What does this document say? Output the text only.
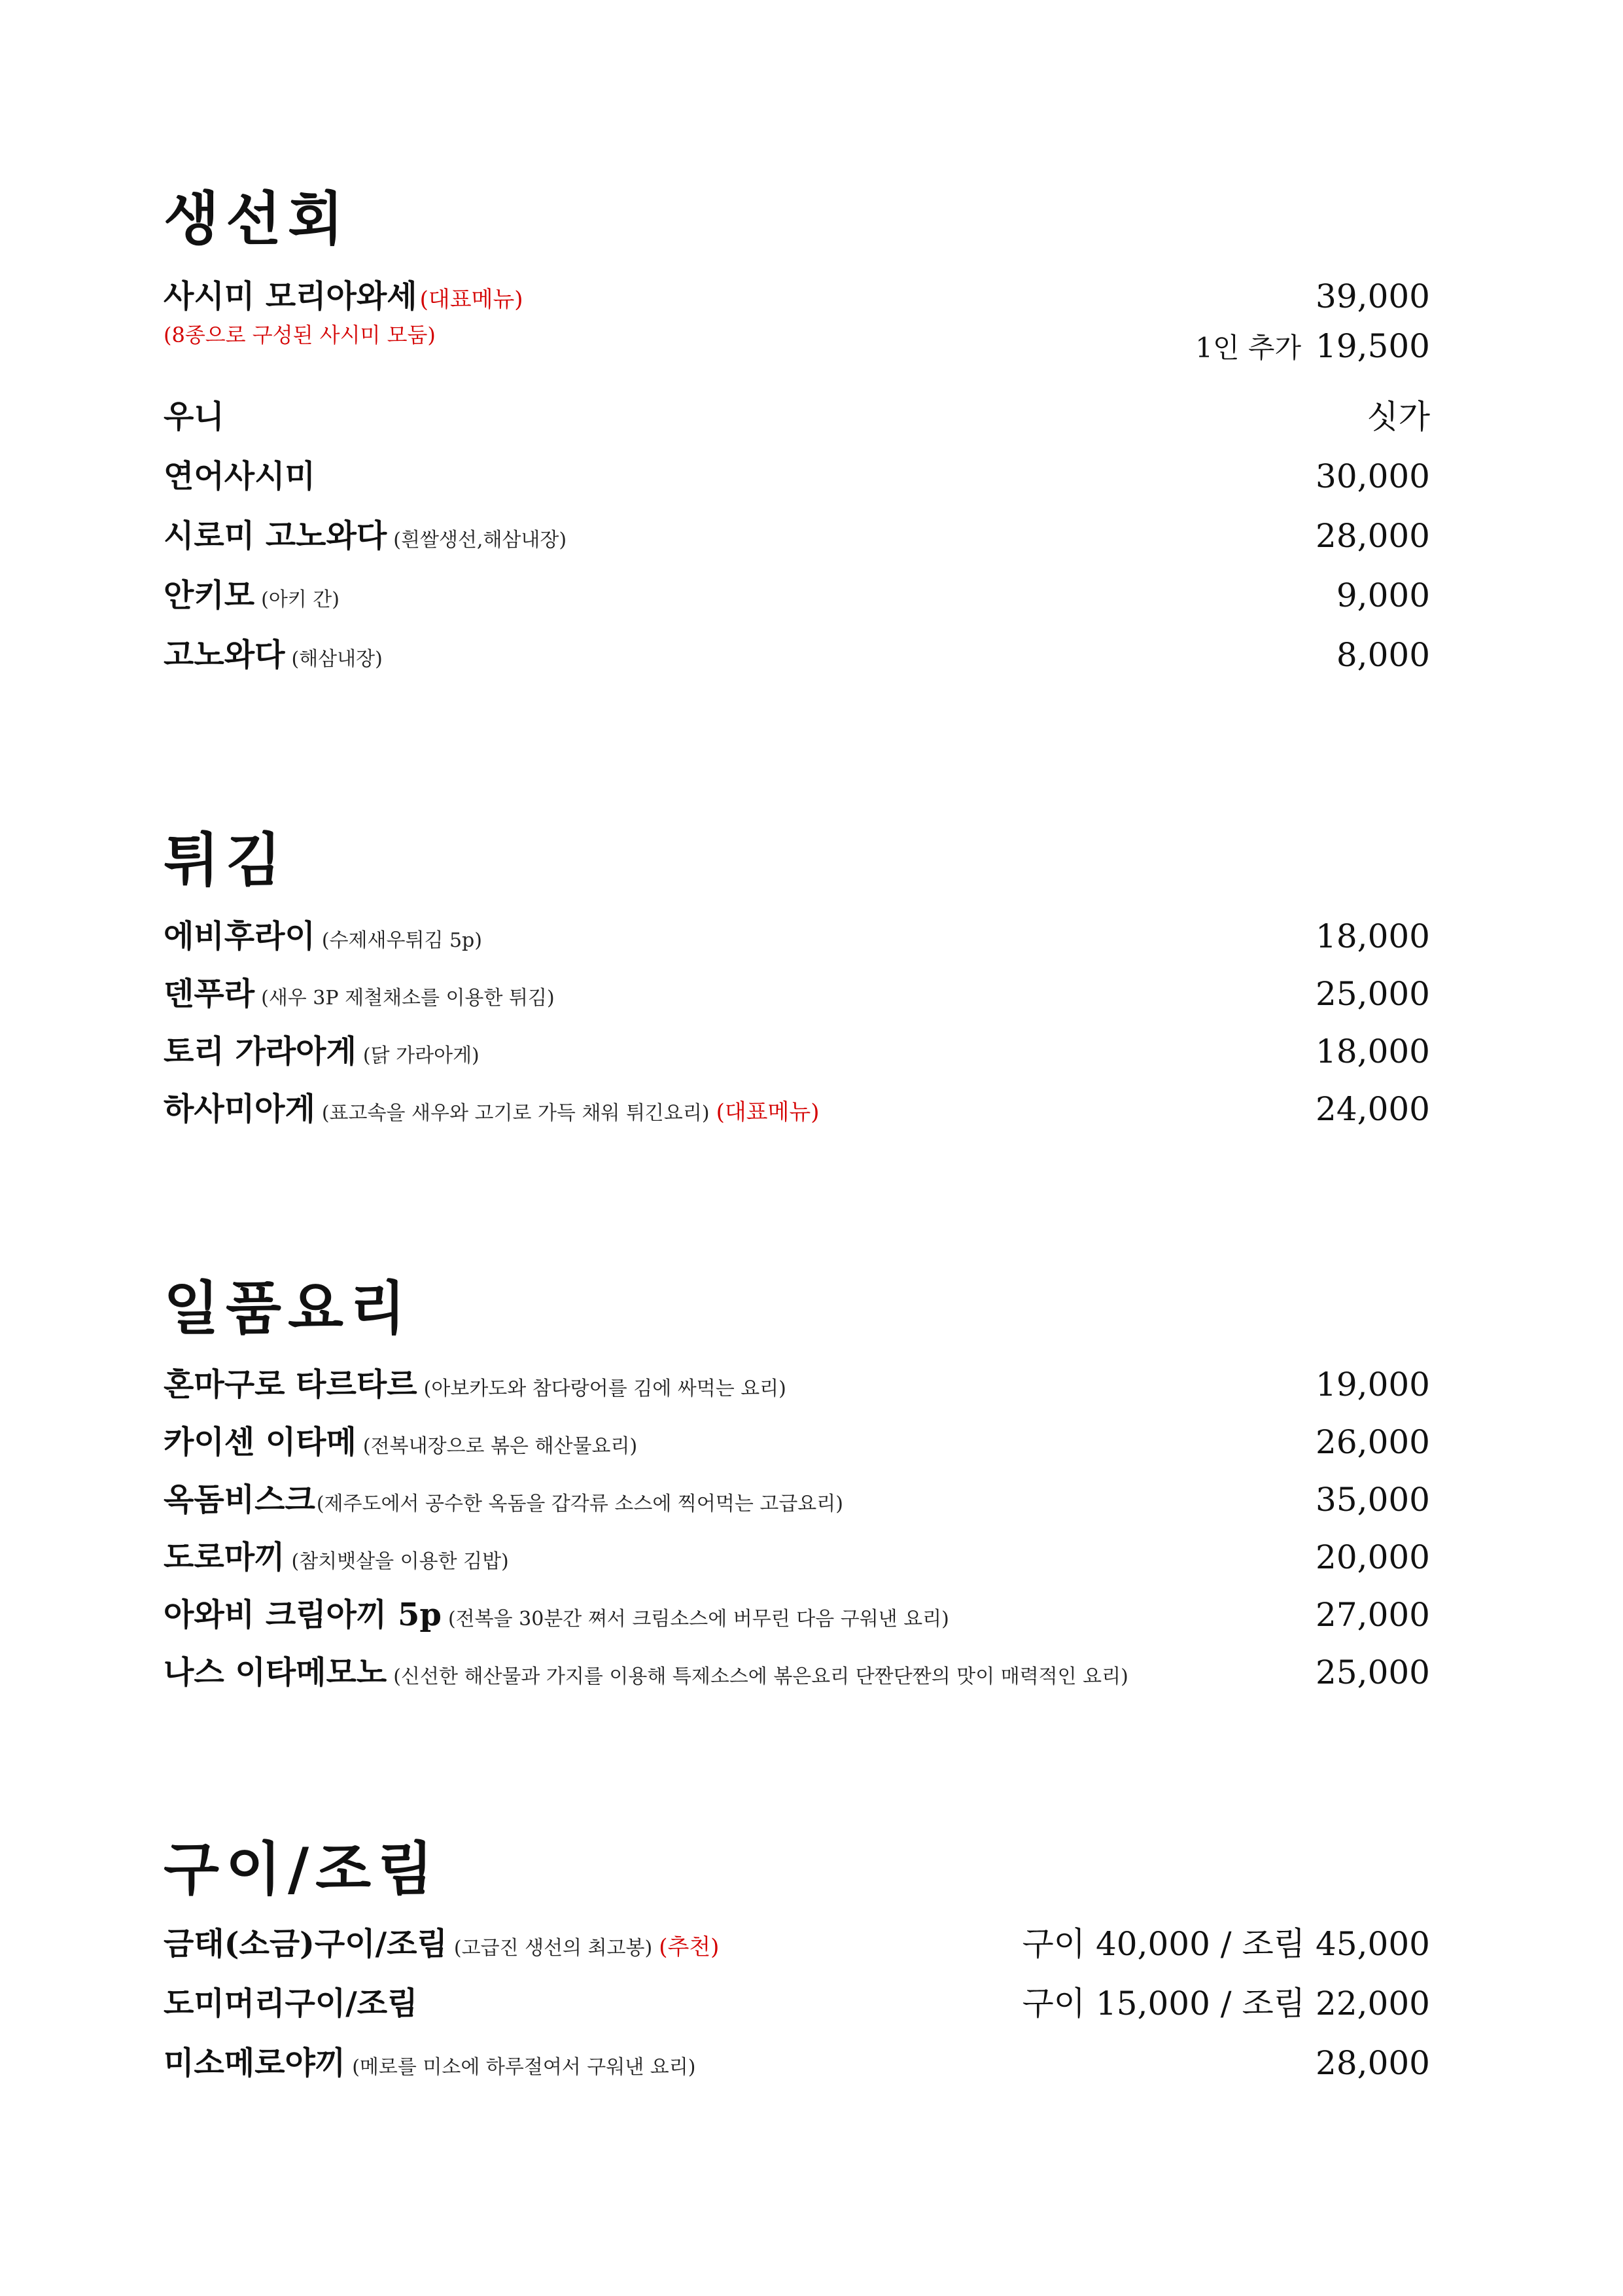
생선회
사시미 모리아와세 (대표메뉴)	39,000
(8종으로 구성된 사시미 모둠)	1인 추가 19,500
우니	싯가
연어사시미	30,000
시로미 고노와다 (흰쌀생선,해삼내장)	28,000
안키모 (아키 간)	9,000
고노와다 (해삼내장)	8,000
튀김
에비후라이 (수제새우튀김 5p)	18,000
덴푸라 (새우 3P 제철채소를 이용한 튀김)	25,000
토리 가라아게 (닭 가라아게)	18,000
하사미아게 (표고속을 새우와 고기로 가득 채워 튀긴요리) (대표메뉴)	24,000
일품요리
혼마구로 타르타르 (아보카도와 참다랑어를 김에 싸먹는 요리)	19,000
카이센 이타메 (전복내장으로 볶은 해산물요리)	26,000
옥돔비스크(제주도에서 공수한 옥돔을 갑각류 소스에 찍어먹는 고급요리)	35,000
도로마끼 (참치뱃살을 이용한 김밥)	20,000
아와비 크림아끼 5p (전복을 30분간 쪄서 크림소스에 버무린 다음 구워낸 요리)	27,000
나스 이타메모노 (신선한 해산물과 가지를 이용해 특제소스에 볶은요리 단짠단짠의 맛이 매력적인 요리)	25,000
구이/조림
금태(소금)구이/조림 (고급진 생선의 최고봉) (추천)	구이 40,000 / 조림 45,000
도미머리구이/조림	구이 15,000 / 조림 22,000
미소메로야끼 (메로를 미소에 하루절여서 구워낸 요리)	28,000
